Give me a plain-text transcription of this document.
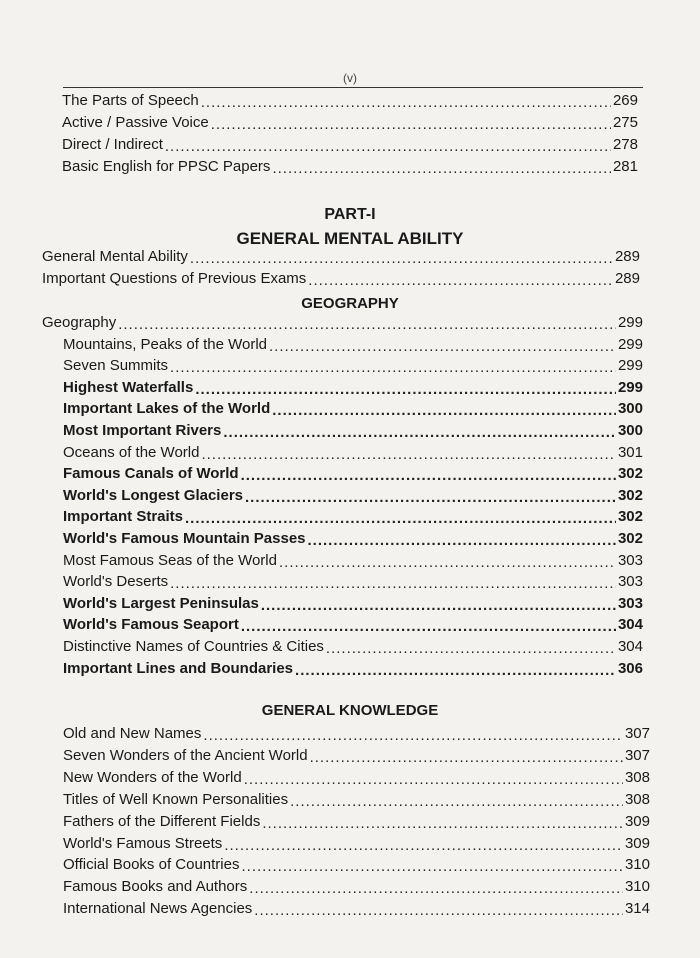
(v)
The Parts of Speech .....	269
Active / Passive Voice .....	275
Direct / Indirect .....	278
Basic English for PPSC Papers .....	281
PART-I
GENERAL MENTAL ABILITY
General Mental Ability .....	289
Important Questions of Previous Exams .....	289
GEOGRAPHY
Geography .....	299
Mountains, Peaks of the World .....	299
Seven Summits .....	299
Highest Waterfalls .....	299
Important Lakes of the World .....	300
Most Important Rivers .....	300
Oceans of the World .....	301
Famous Canals of World .....	302
World's Longest Glaciers .....	302
Important Straits .....	302
World's Famous Mountain Passes .....	302
Most Famous Seas of the World .....	303
World's Deserts .....	303
World's Largest Peninsulas .....	303
World's Famous Seaport .....	304
Distinctive Names of Countries & Cities .....	304
Important Lines and Boundaries .....	306
GENERAL KNOWLEDGE
Old and New Names .....	307
Seven Wonders of the Ancient World .....	307
New Wonders of the World .....	308
Titles of Well Known Personalities .....	308
Fathers of the Different Fields .....	309
World's Famous Streets .....	309
Official Books of Countries .....	310
Famous Books and Authors .....	310
International News Agencies .....	314
